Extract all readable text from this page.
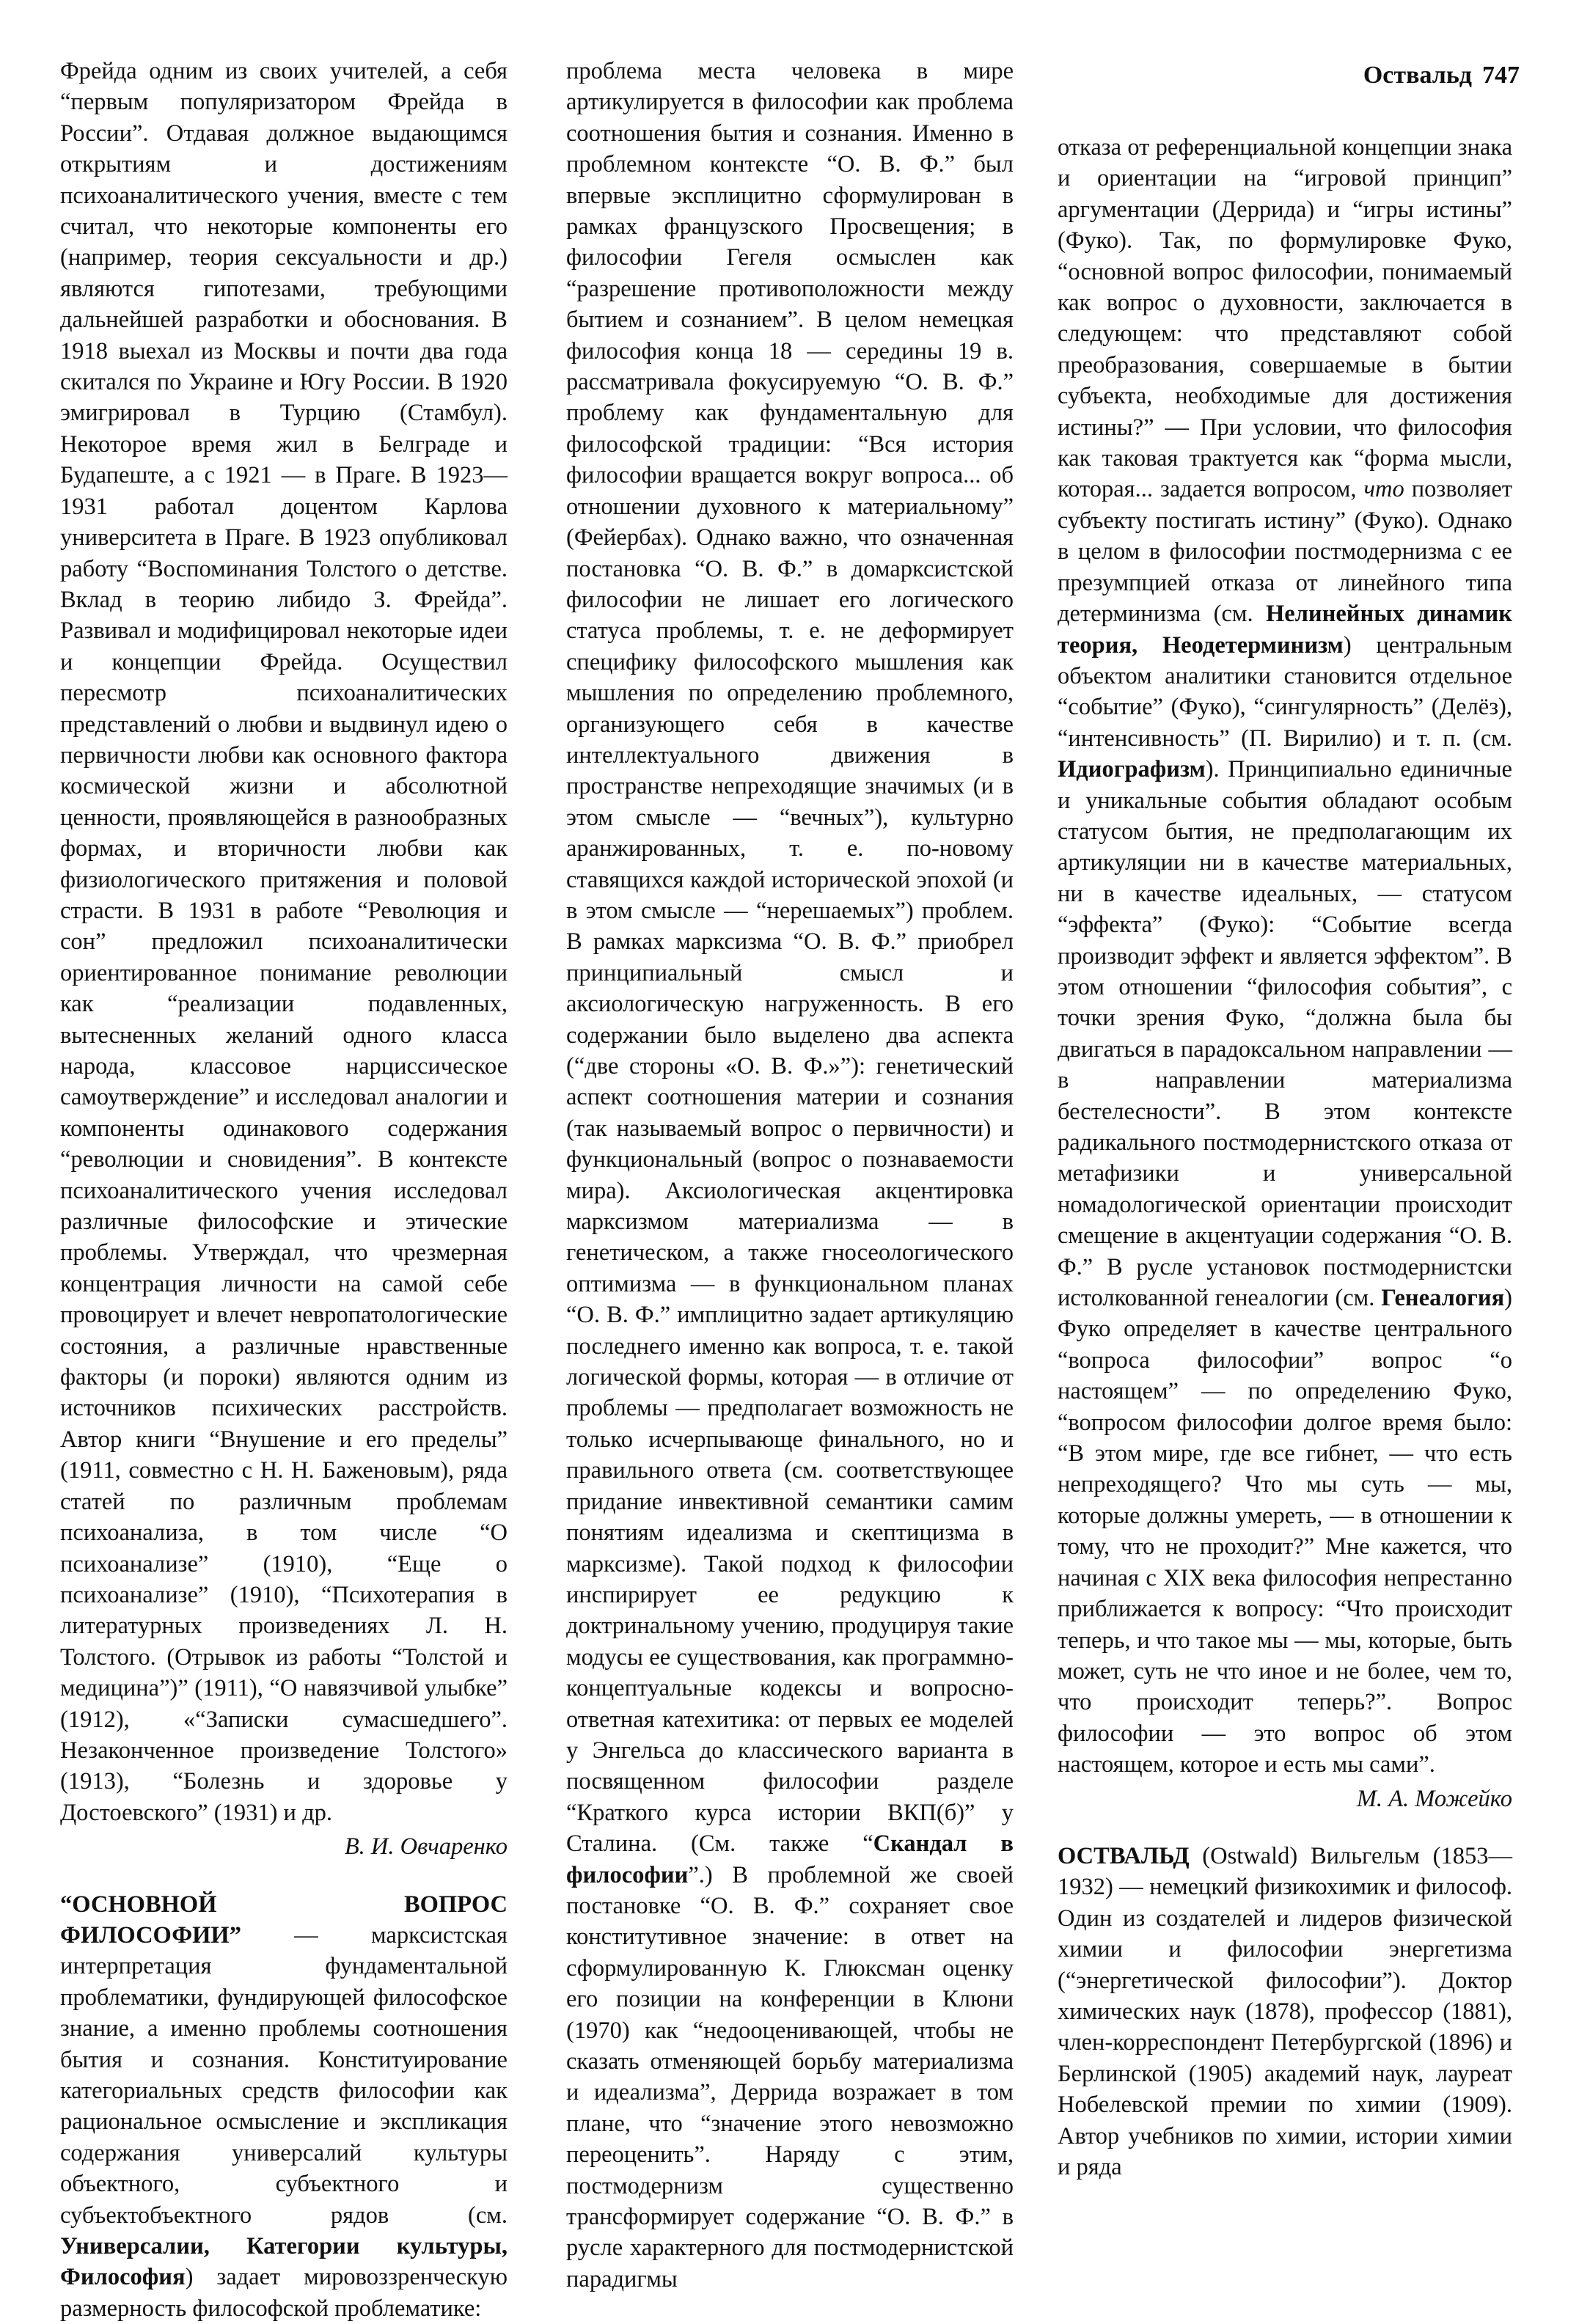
Оствальд 747

Фрейда одним из своих учителей, а себя “первым популяризатором Фрейда в России”. Отдавая должное выдающимся открытиям и достижениям психоаналитического учения, вместе с тем считал, что некоторые компоненты его (например, теория сексуальности и др.) являются гипотезами, требующими дальнейшей разработки и обоснования. В 1918 выехал из Москвы и почти два года скитался по Украине и Югу России. В 1920 эмигрировал в Турцию (Стамбул). Некоторое время жил в Белграде и Будапеште, а с 1921 — в Праге. В 1923—1931 работал доцентом Карлова университета в Праге. В 1923 опубликовал работу “Воспоминания Толстого о детстве. Вклад в теорию либидо З. Фрейда”. Развивал и модифицировал некоторые идеи и концепции Фрейда. Осуществил пересмотр психоаналитических представлений о любви и выдвинул идею о первичности любви как основного фактора космической жизни и абсолютной ценности, проявляющейся в разнообразных формах, и вторичности любви как физиологического притяжения и половой страсти. В 1931 в работе “Революция и сон” предложил психоаналитически ориентированное понимание революции как “реализации подавленных, вытесненных желаний одного класса народа, классовое нарциссическое самоутверждение” и исследовал аналогии и компоненты одинакового содержания “революции и сновидения”. В контексте психоаналитического учения исследовал различные философские и этические проблемы. Утверждал, что чрезмерная концентрация личности на самой себе провоцирует и влечет невропатологические состояния, а различные нравственные факторы (и пороки) являются одним из источников психических расстройств. Автор книги “Внушение и его пределы” (1911, совместно с Н. Н. Баженовым), ряда статей по различным проблемам психоанализа, в том числе “О психоанализе” (1910), “Еще о психоанализе” (1910), “Психотерапия в литературных произведениях Л. Н. Толстого. (Отрывок из работы “Толстой и медицина”)” (1911), “О навязчивой улыбке” (1912), «“Записки сумасшедшего”. Незаконченное произведение Толстого» (1913), “Болезнь и здоровье у Достоевского” (1931) и др.

В. И. Овчаренко

“ОСНОВНОЙ ВОПРОС ФИЛОСОФИИ” — марксистская интерпретация фундаментальной проблематики, фундирующей философское знание, а именно проблемы соотношения бытия и сознания. Конституирование категориальных средств философии как рациональное осмысление и экспликация содержания универсалий культуры объектного, субъектного и субъектобъектного рядов (см. Универсалии, Категории культуры, Философия) задает мировоззренческую размерность философской проблематике:

проблема места человека в мире артикулируется в философии как проблема соотношения бытия и сознания. Именно в проблемном контексте “О. В. Ф.” был впервые эксплицитно сформулирован в рамках французского Просвещения; в философии Гегеля осмыслен как “разрешение противоположности между бытием и сознанием”. В целом немецкая философия конца 18 — середины 19 в. рассматривала фокусируемую “О. В. Ф.” проблему как фундаментальную для философской традиции: “Вся история философии вращается вокруг вопроса... об отношении духовного к материальному” (Фейербах). Однако важно, что означенная постановка “О. В. Ф.” в домарксистской философии не лишает его логического статуса проблемы, т. е. не деформирует специфику философского мышления как мышления по определению проблемного, организующего себя в качестве интеллектуального движения в пространстве непреходящие значимых (и в этом смысле — “вечных”), культурно аранжированных, т. е. по-новому ставящихся каждой исторической эпохой (и в этом смысле — “нерешаемых”) проблем. В рамках марксизма “О. В. Ф.” приобрел принципиальный смысл и аксиологическую нагруженность. В его содержании было выделено два аспекта (“две стороны «О. В. Ф.»”): генетический аспект соотношения материи и сознания (так называемый вопрос о первичности) и функциональный (вопрос о познаваемости мира). Аксиологическая акцентировка марксизмом материализма — в генетическом, а также гносеологического оптимизма — в функциональном планах “О. В. Ф.” имплицитно задает артикуляцию последнего именно как вопроса, т. е. такой логической формы, которая — в отличие от проблемы — предполагает возможность не только исчерпывающе финального, но и правильного ответа (см. соответствующее придание инвективной семантики самим понятиям идеализма и скептицизма в марксизме). Такой подход к философии инспирирует ее редукцию к доктринальному учению, продуцируя такие модусы ее существования, как программно-концептуальные кодексы и вопросно-ответная катехитика: от первых ее моделей у Энгельса до классического варианта в посвященном философии разделе “Краткого курса истории ВКП(б)” у Сталина. (См. также “Скандал в философии”.) В проблемной же своей постановке “О. В. Ф.” сохраняет свое конститутивное значение: в ответ на сформулированную К. Глюксман оценку его позиции на конференции в Клюни (1970) как “недооценивающей, чтобы не сказать отменяющей борьбу материализма и идеализма”, Деррида возражает в том плане, что “значение этого невозможно переоценить”. Наряду с этим, постмодернизм существенно трансформирует содержание “О. В. Ф.” в русле характерного для постмодернистской парадигмы

отказа от референциальной концепции знака и ориентации на “игровой принцип” аргументации (Деррида) и “игры истины” (Фуко). Так, по формулировке Фуко, “основной вопрос философии, понимаемый как вопрос о духовности, заключается в следующем: что представляют собой преобразования, совершаемые в бытии субъекта, необходимые для достижения истины?” — При условии, что философия как таковая трактуется как “форма мысли, которая... задается вопросом, что позволяет субъекту постигать истину” (Фуко). Однако в целом в философии постмодернизма с ее презумпцией отказа от линейного типа детерминизма (см. Нелинейных динамик теория, Неодетерминизм) центральным объектом аналитики становится отдельное “событие” (Фуко), “сингулярность” (Делёз), “интенсивность” (П. Вирилио) и т. п. (см. Идиографизм). Принципиально единичные и уникальные события обладают особым статусом бытия, не предполагающим их артикуляции ни в качестве материальных, ни в качестве идеальных, — статусом “эффекта” (Фуко): “Событие всегда производит эффект и является эффектом”. В этом отношении “философия события”, с точки зрения Фуко, “должна была бы двигаться в парадоксальном направлении — в направлении материализма бестелесности”. В этом контексте радикального постмодернистского отказа от метафизики и универсальной номадологической ориентации происходит смещение в акцентуации содержания “О. В. Ф.” В русле установок постмодернистски истолкованной генеалогии (см. Генеалогия) Фуко определяет в качестве центрального “вопроса философии” вопрос “о настоящем” — по определению Фуко, “вопросом философии долгое время было: “В этом мире, где все гибнет, — что есть непреходящего? Что мы суть — мы, которые должны умереть, — в отношении к тому, что не проходит?” Мне кажется, что начиная с XIX века философия непрестанно приближается к вопросу: “Что происходит теперь, и что такое мы — мы, которые, быть может, суть не что иное и не более, чем то, что происходит теперь?”. Вопрос философии — это вопрос об этом настоящем, которое и есть мы сами”.

М. А. Можейко

ОСТВАЛЬД (Ostwald) Вильгельм (1853—1932) — немецкий физикохимик и философ. Один из создателей и лидеров физической химии и философии энергетизма (“энергетической философии”). Доктор химических наук (1878), профессор (1881), член-корреспондент Петербургской (1896) и Берлинской (1905) академий наук, лауреат Нобелевской премии по химии (1909). Автор учебников по химии, истории химии и ряда
